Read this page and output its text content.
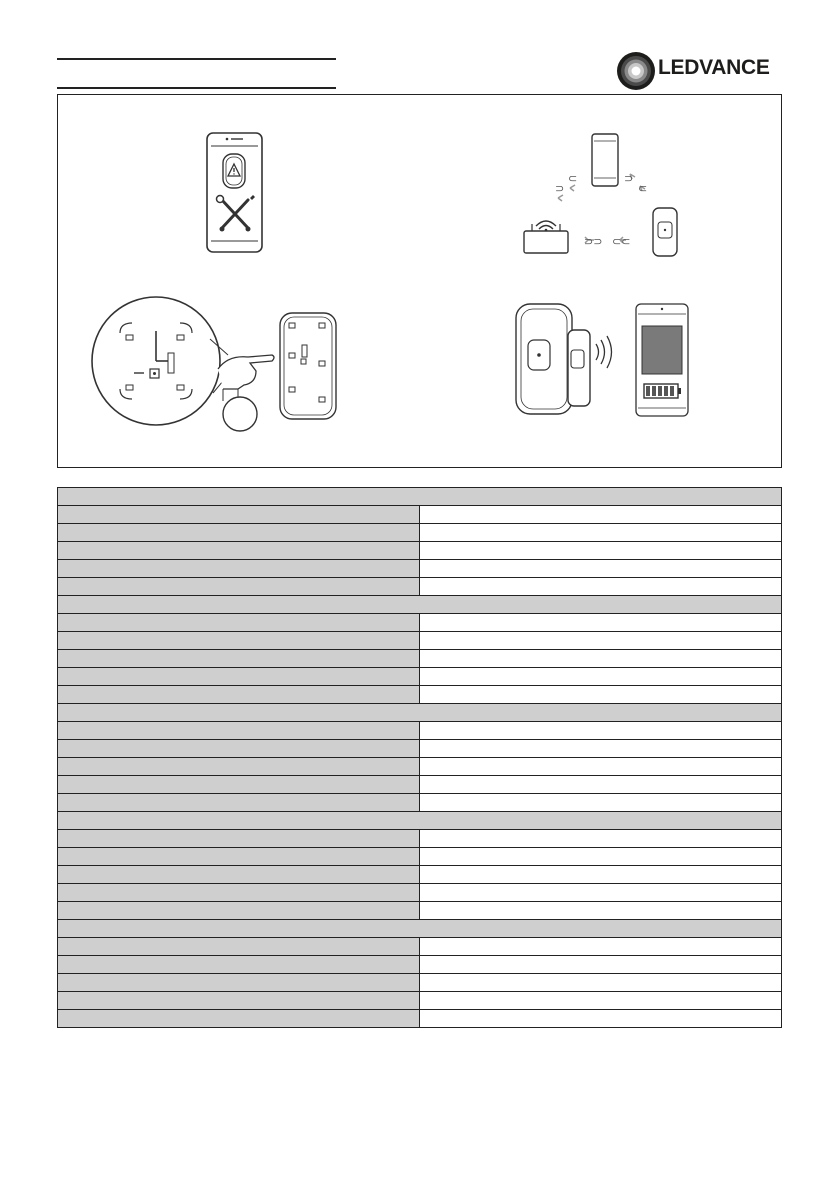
LEDVANCE
⊃
⊂	⊃
⊂
⊃⊃ ⊂⊂
